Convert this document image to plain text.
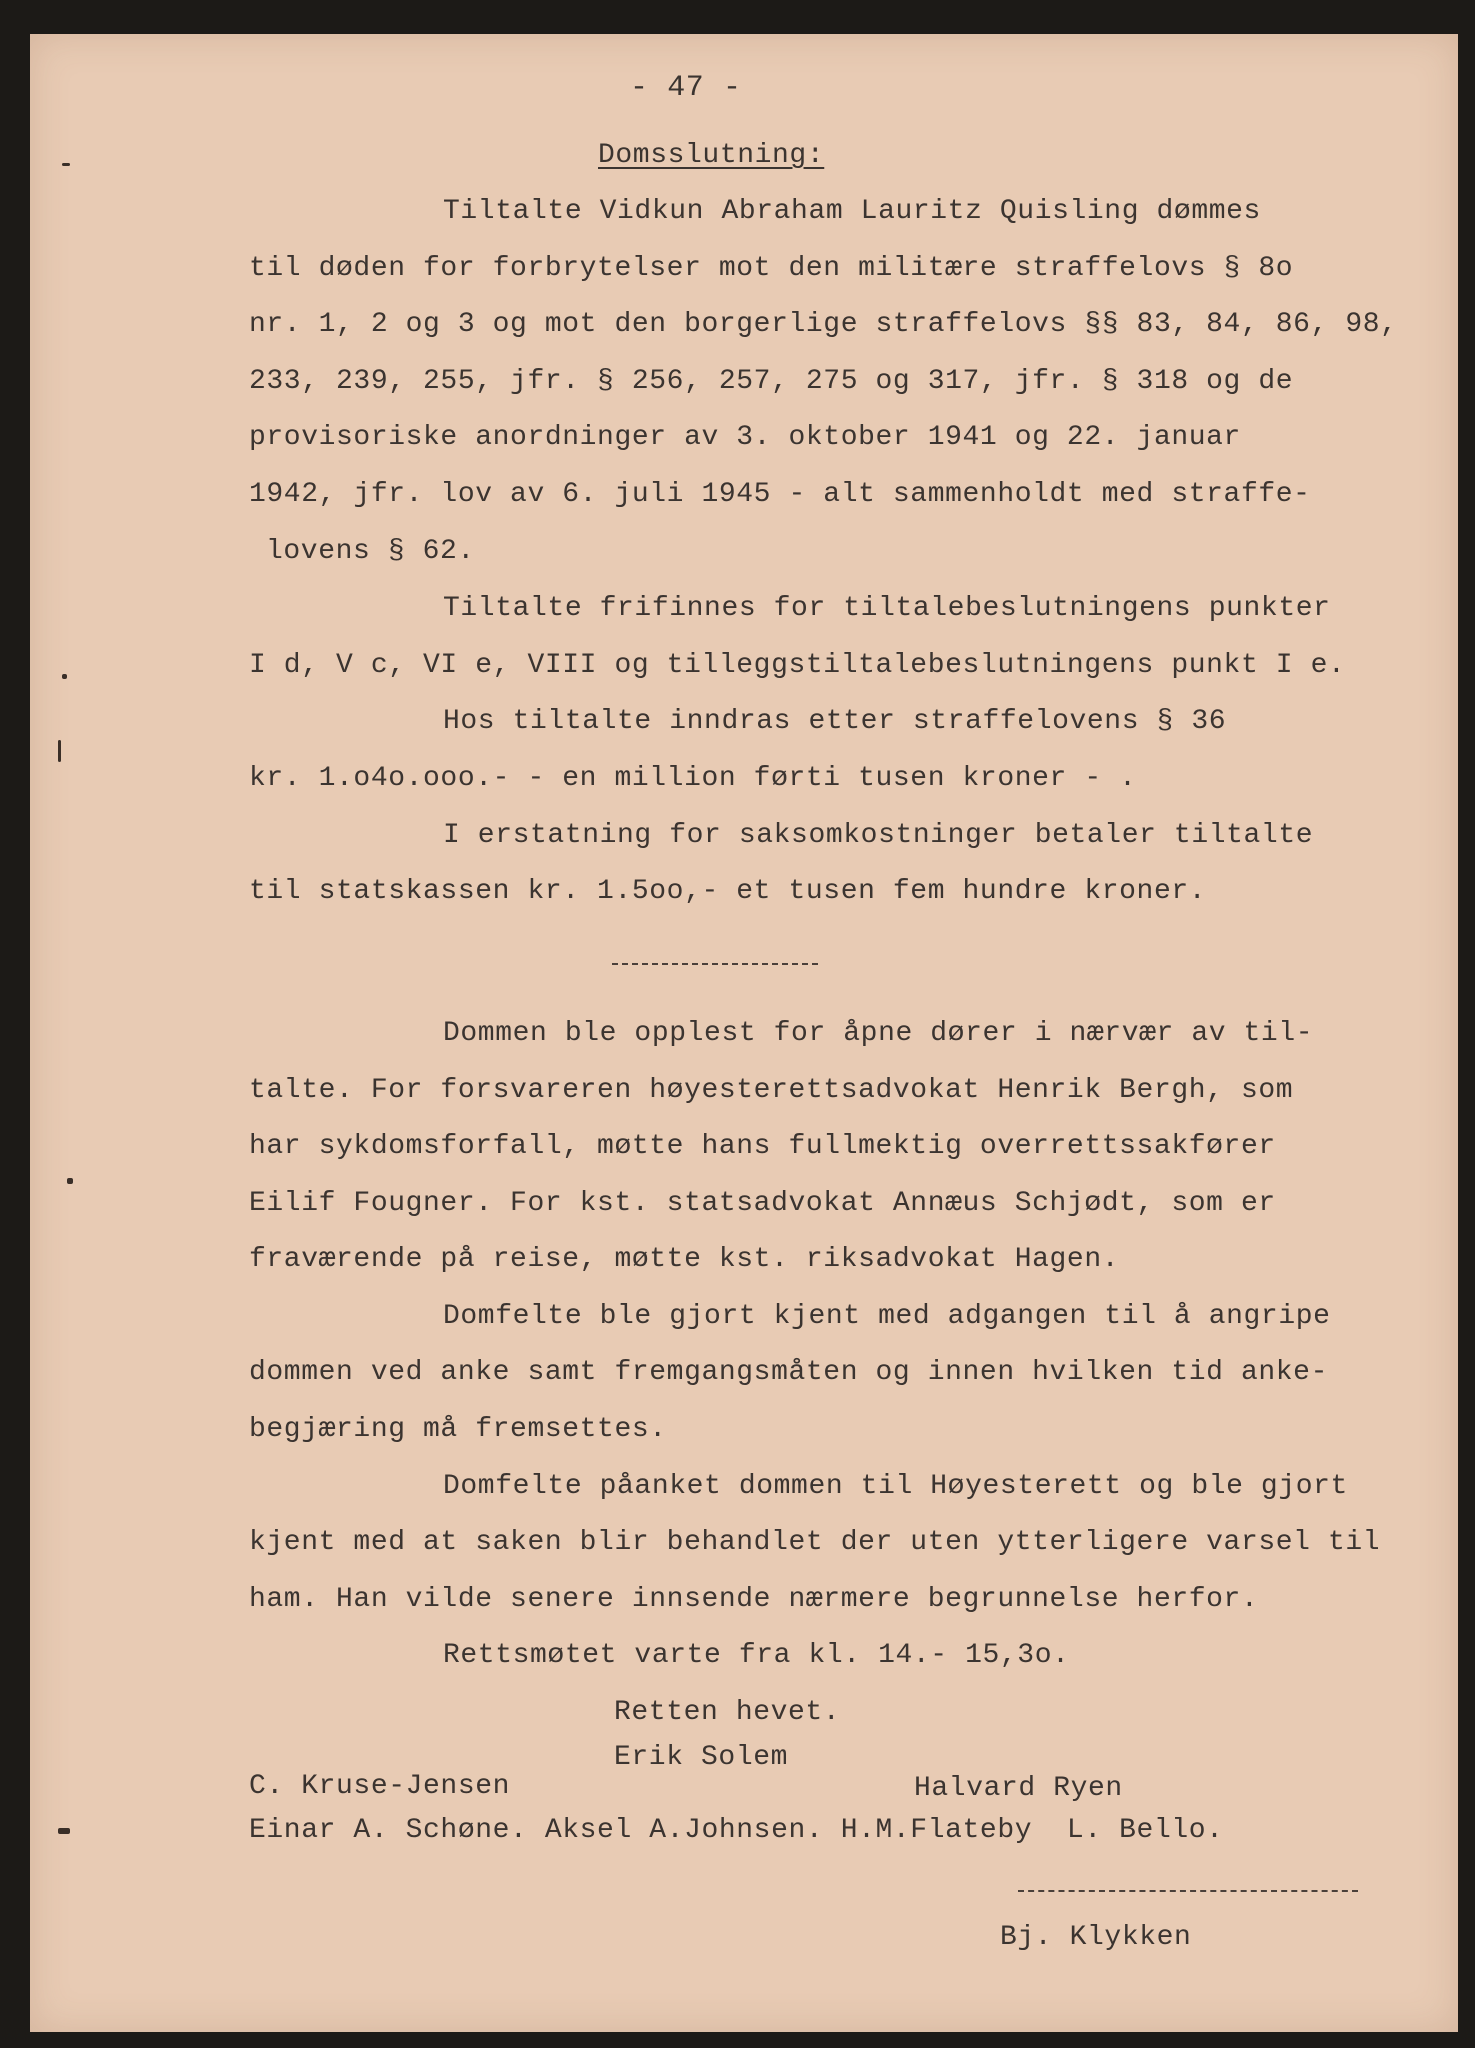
- 47 -
Domsslutning:
Tiltalte Vidkun Abraham Lauritz Quisling dømmes
til døden for forbrytelser mot den militære straffelovs § 8o
nr. 1, 2 og 3 og mot den borgerlige straffelovs §§ 83, 84, 86, 98,
233, 239, 255, jfr. § 256, 257, 275 og 317, jfr. § 318 og de
provisoriske anordninger av 3. oktober 1941 og 22. januar
1942, jfr. lov av 6. juli 1945 - alt sammenholdt med straffe-
lovens § 62.
Tiltalte frifinnes for tiltalebeslutningens punkter
I d, V c, VI e, VIII og tilleggstiltalebeslutningens punkt I e.
Hos tiltalte inndras etter straffelovens § 36
kr. 1.o4o.ooo.- - en million førti tusen kroner - .
I erstatning for saksomkostninger betaler tiltalte
til statskassen kr. 1.5oo,- et tusen fem hundre kroner.
Dommen ble opplest for åpne dører i nærvær av til-
talte. For forsvareren høyesterettsadvokat Henrik Bergh, som
har sykdomsforfall, møtte hans fullmektig overrettssakfører
Eilif Fougner. For kst. statsadvokat Annæus Schjødt, som er
fraværende på reise, møtte kst. riksadvokat Hagen.
Domfelte ble gjort kjent med adgangen til å angripe
dommen ved anke samt fremgangsmåten og innen hvilken tid anke-
begjæring må fremsettes.
Domfelte påanket dommen til Høyesterett og ble gjort
kjent med at saken blir behandlet der uten ytterligere varsel til
ham. Han vilde senere innsende nærmere begrunnelse herfor.
Rettsmøtet varte fra kl. 14.- 15,3o.
Retten hevet.
Erik Solem
C. Kruse-Jensen	Halvard Ryen
Einar A. Schøne. Aksel A.Johnsen. H.M.Flateby  L. Bello.
Bj. Klykken
